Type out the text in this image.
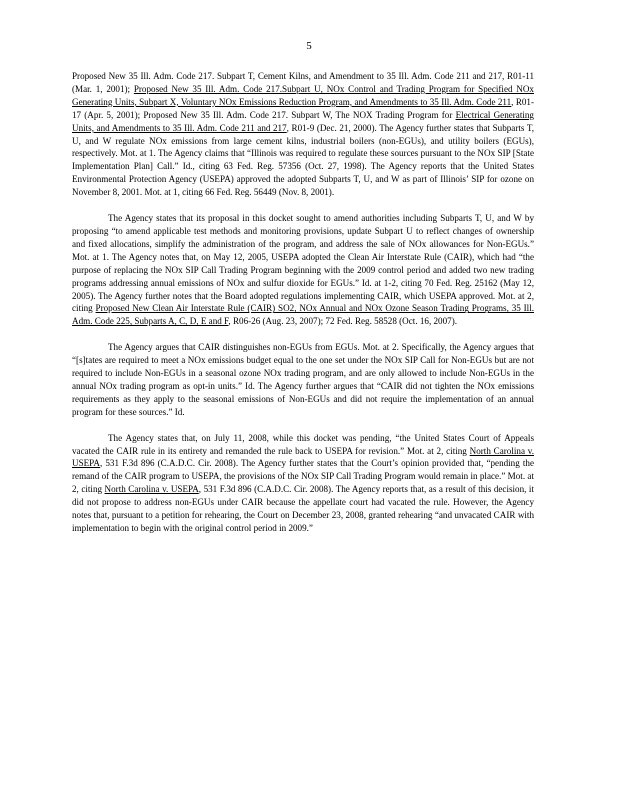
5

Proposed New 35 Ill. Adm. Code 217. Subpart T, Cement Kilns, and Amendment to 35 Ill. Adm. Code 211 and 217, R01-11 (Mar. 1, 2001); Proposed New 35 Ill. Adm. Code 217.Subpart U, NOx Control and Trading Program for Specified NOx Generating Units, Subpart X, Voluntary NOx Emissions Reduction Program, and Amendments to 35 Ill. Adm. Code 211, R01-17 (Apr. 5, 2001); Proposed New 35 Ill. Adm. Code 217. Subpart W, The NOX Trading Program for Electrical Generating Units, and Amendments to 35 Ill. Adm. Code 211 and 217, R01-9 (Dec. 21, 2000). The Agency further states that Subparts T, U, and W regulate NOx emissions from large cement kilns, industrial boilers (non-EGUs), and utility boilers (EGUs), respectively. Mot. at 1. The Agency claims that “Illinois was required to regulate these sources pursuant to the NOx SIP [State Implementation Plan] Call.” Id., citing 63 Fed. Reg. 57356 (Oct. 27, 1998). The Agency reports that the United States Environmental Protection Agency (USEPA) approved the adopted Subparts T, U, and W as part of Illinois’ SIP for ozone on November 8, 2001. Mot. at 1, citing 66 Fed. Reg. 56449 (Nov. 8, 2001).

The Agency states that its proposal in this docket sought to amend authorities including Subparts T, U, and W by proposing “to amend applicable test methods and monitoring provisions, update Subpart U to reflect changes of ownership and fixed allocations, simplify the administration of the program, and address the sale of NOx allowances for Non-EGUs.” Mot. at 1. The Agency notes that, on May 12, 2005, USEPA adopted the Clean Air Interstate Rule (CAIR), which had “the purpose of replacing the NOx SIP Call Trading Program beginning with the 2009 control period and added two new trading programs addressing annual emissions of NOx and sulfur dioxide for EGUs.” Id. at 1-2, citing 70 Fed. Reg. 25162 (May 12, 2005). The Agency further notes that the Board adopted regulations implementing CAIR, which USEPA approved. Mot. at 2, citing Proposed New Clean Air Interstate Rule (CAIR) SO2, NOx Annual and NOx Ozone Season Trading Programs, 35 Ill. Adm. Code 225, Subparts A, C, D, E and F, R06-26 (Aug. 23, 2007); 72 Fed. Reg. 58528 (Oct. 16, 2007).

The Agency argues that CAIR distinguishes non-EGUs from EGUs. Mot. at 2. Specifically, the Agency argues that “[s]tates are required to meet a NOx emissions budget equal to the one set under the NOx SIP Call for Non-EGUs but are not required to include Non-EGUs in a seasonal ozone NOx trading program, and are only allowed to include Non-EGUs in the annual NOx trading program as opt-in units.” Id. The Agency further argues that “CAIR did not tighten the NOx emissions requirements as they apply to the seasonal emissions of Non-EGUs and did not require the implementation of an annual program for these sources.” Id.

The Agency states that, on July 11, 2008, while this docket was pending, “the United States Court of Appeals vacated the CAIR rule in its entirety and remanded the rule back to USEPA for revision.” Mot. at 2, citing North Carolina v. USEPA, 531 F.3d 896 (C.A.D.C. Cir. 2008). The Agency further states that the Court’s opinion provided that, “pending the remand of the CAIR program to USEPA, the provisions of the NOx SIP Call Trading Program would remain in place.” Mot. at 2, citing North Carolina v. USEPA, 531 F.3d 896 (C.A.D.C. Cir. 2008). The Agency reports that, as a result of this decision, it did not propose to address non-EGUs under CAIR because the appellate court had vacated the rule. However, the Agency notes that, pursuant to a petition for rehearing, the Court on December 23, 2008, granted rehearing “and unvacated CAIR with implementation to begin with the original control period in 2009.”
